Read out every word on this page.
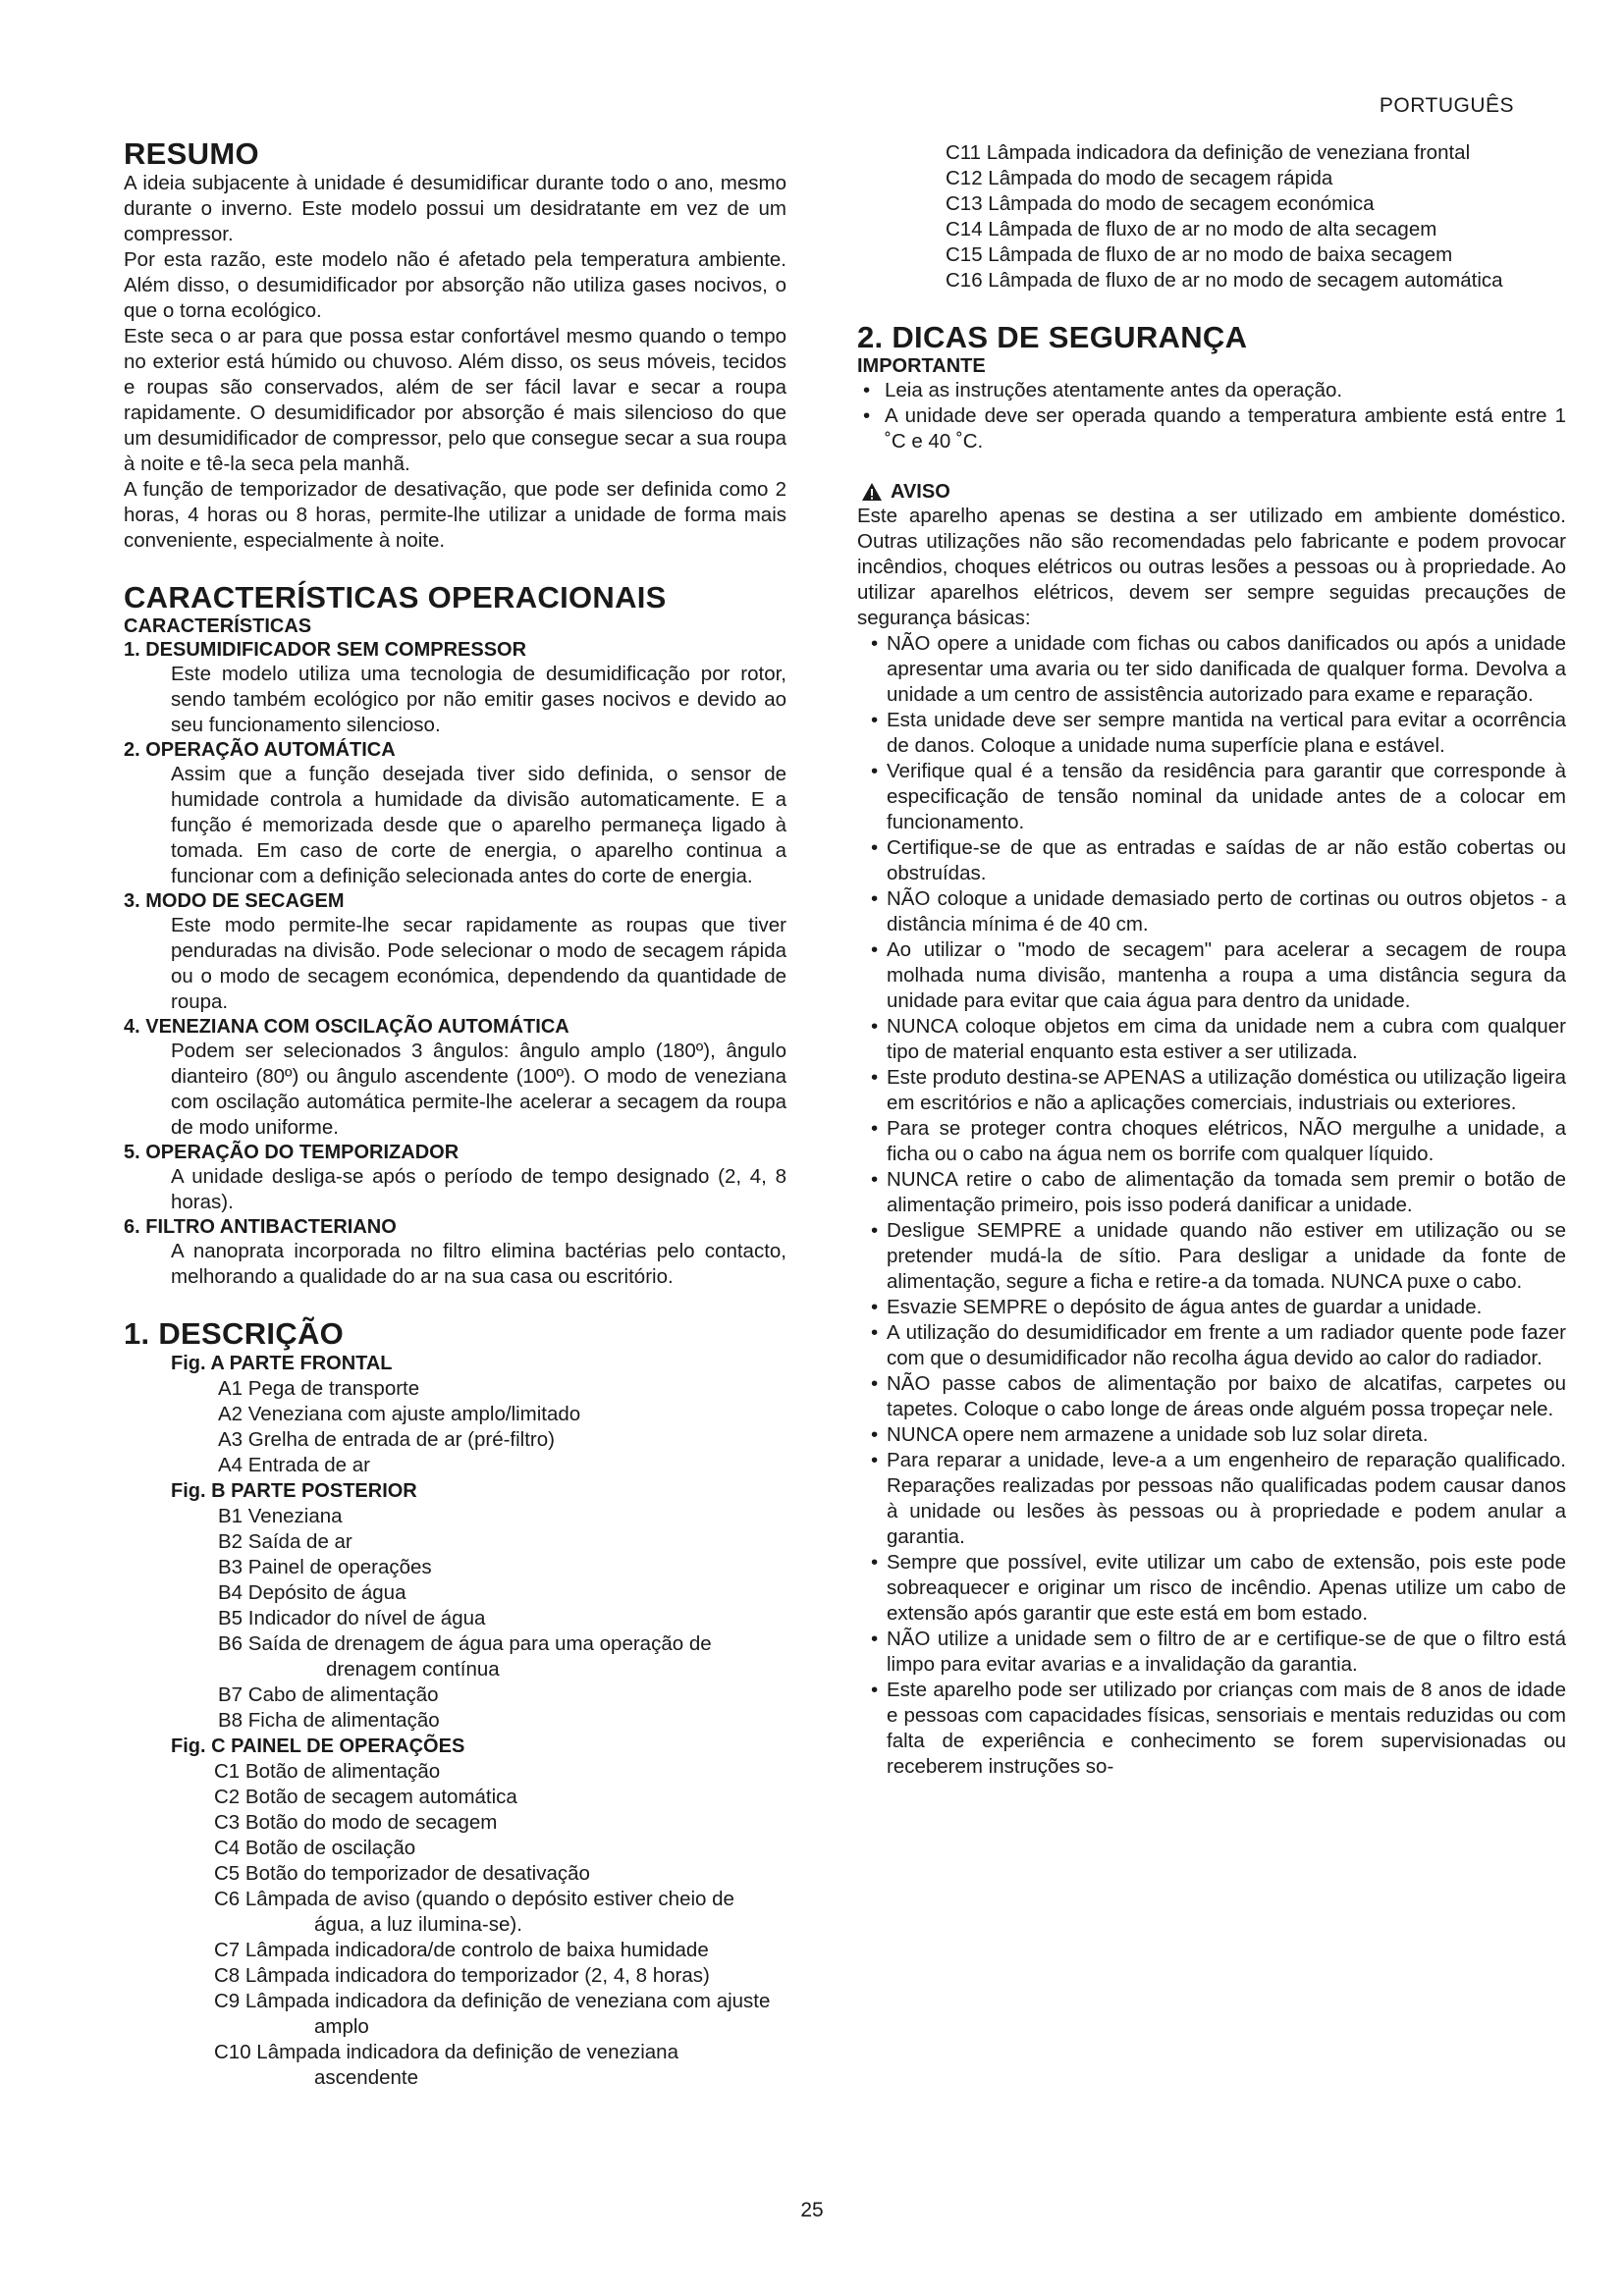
PORTUGUÊS
RESUMO

A ideia subjacente à unidade é desumidificar durante todo o ano, mesmo durante o inverno. Este modelo possui um desidratante em vez de um compressor.

Por esta razão, este modelo não é afetado pela temperatura ambiente. Além disso, o desumidificador por absorção não utiliza gases nocivos, o que o torna ecológico.

Este seca o ar para que possa estar confortável mesmo quando o tempo no exterior está húmido ou chuvoso. Além disso, os seus móveis, tecidos e roupas são conservados, além de ser fácil lavar e secar a roupa rapidamente. O desumidificador por absorção é mais silencioso do que um desumidificador de compressor, pelo que consegue secar a sua roupa à noite e tê-la seca pela manhã.

A função de temporizador de desativação, que pode ser definida como 2 horas, 4 horas ou 8 horas, permite-lhe utilizar a unidade de forma mais conveniente, especialmente à noite.

CARACTERÍSTICAS OPERACIONAIS
CARACTERÍSTICAS
1. DESUMIDIFICADOR SEM COMPRESSOR

Este modelo utiliza uma tecnologia de desumidificação por rotor, sendo também ecológico por não emitir gases nocivos e devido ao seu funcionamento silencioso.

2. OPERAÇÃO AUTOMÁTICA

Assim que a função desejada tiver sido definida, o sensor de humidade controla a humidade da divisão automaticamente. E a função é memorizada desde que o aparelho permaneça ligado à tomada. Em caso de corte de energia, o aparelho continua a funcionar com a definição selecionada antes do corte de energia.

3. MODO DE SECAGEM

Este modo permite-lhe secar rapidamente as roupas que tiver penduradas na divisão. Pode selecionar o modo de secagem rápida ou o modo de secagem económica, dependendo da quantidade de roupa.

4. VENEZIANA COM OSCILAÇÃO AUTOMÁTICA

Podem ser selecionados 3 ângulos: ângulo amplo (180º), ângulo dianteiro (80º) ou ângulo ascendente (100º). O modo de veneziana com oscilação automática permite-lhe acelerar a secagem da roupa de modo uniforme.

5. OPERAÇÃO DO TEMPORIZADOR

A unidade desliga-se após o período de tempo designado (2, 4, 8 horas).

6. FILTRO ANTIBACTERIANO

A nanoprata incorporada no filtro elimina bactérias pelo contacto, melhorando a qualidade do ar na sua casa ou escritório.

1. DESCRIÇÃO
Fig. A PARTE FRONTAL
A1 Pega de transporte
A2 Veneziana com ajuste amplo/limitado
A3 Grelha de entrada de ar (pré-filtro)
A4 Entrada de ar
Fig. B PARTE POSTERIOR
B1 Veneziana
B2 Saída de ar
B3 Painel de operações
B4 Depósito de água
B5 Indicador do nível de água
B6 Saída de drenagem de água para uma operação de drenagem contínua
B7 Cabo de alimentação
B8 Ficha de alimentação
Fig. C PAINEL DE OPERAÇÕES
C1 Botão de alimentação
C2 Botão de secagem automática
C3 Botão do modo de secagem
C4 Botão de oscilação
C5 Botão do temporizador de desativação
C6 Lâmpada de aviso (quando o depósito estiver cheio de água, a luz ilumina-se).
C7 Lâmpada indicadora/de controlo de baixa humidade
C8 Lâmpada indicadora do temporizador (2, 4, 8 horas)
C9 Lâmpada indicadora da definição de veneziana com ajuste amplo
C10 Lâmpada indicadora da definição de veneziana ascendente
C11 Lâmpada indicadora da definição de veneziana frontal
C12 Lâmpada do modo de secagem rápida
C13 Lâmpada do modo de secagem económica
C14 Lâmpada de fluxo de ar no modo de alta secagem
C15 Lâmpada de fluxo de ar no modo de baixa secagem
C16 Lâmpada de fluxo de ar no modo de secagem automática
2. DICAS DE SEGURANÇA
IMPORTANTE
• Leia as instruções atentamente antes da operação.
• A unidade deve ser operada quando a temperatura ambiente está entre 1 ˚C e 40 ˚C.
AVISO

Este aparelho apenas se destina a ser utilizado em ambiente doméstico. Outras utilizações não são recomendadas pelo fabricante e podem provocar incêndios, choques elétricos ou outras lesões a pessoas ou à propriedade. Ao utilizar aparelhos elétricos, devem ser sempre seguidas precauções de segurança básicas:

• NÃO opere a unidade com fichas ou cabos danificados ou após a unidade apresentar uma avaria ou ter sido danificada de qualquer forma. Devolva a unidade a um centro de assistência autorizado para exame e reparação.
• Esta unidade deve ser sempre mantida na vertical para evitar a ocorrência de danos. Coloque a unidade numa superfície plana e estável.
• Verifique qual é a tensão da residência para garantir que corresponde à especificação de tensão nominal da unidade antes de a colocar em funcionamento.
• Certifique-se de que as entradas e saídas de ar não estão cobertas ou obstruídas.
• NÃO coloque a unidade demasiado perto de cortinas ou outros objetos - a distância mínima é de 40 cm.
• Ao utilizar o "modo de secagem" para acelerar a secagem de roupa molhada numa divisão, mantenha a roupa a uma distância segura da unidade para evitar que caia água para dentro da unidade.
• NUNCA coloque objetos em cima da unidade nem a cubra com qualquer tipo de material enquanto esta estiver a ser utilizada.
• Este produto destina-se APENAS a utilização doméstica ou utilização ligeira em escritórios e não a aplicações comerciais, industriais ou exteriores.
• Para se proteger contra choques elétricos, NÃO mergulhe a unidade, a ficha ou o cabo na água nem os borrife com qualquer líquido.
• NUNCA retire o cabo de alimentação da tomada sem premir o botão de alimentação primeiro, pois isso poderá danificar a unidade.
• Desligue SEMPRE a unidade quando não estiver em utilização ou se pretender mudá-la de sítio. Para desligar a unidade da fonte de alimentação, segure a ficha e retire-a da tomada. NUNCA puxe o cabo.
• Esvazie SEMPRE o depósito de água antes de guardar a unidade.
• A utilização do desumidificador em frente a um radiador quente pode fazer com que o desumidificador não recolha água devido ao calor do radiador.
• NÃO passe cabos de alimentação por baixo de alcatifas, carpetes ou tapetes. Coloque o cabo longe de áreas onde alguém possa tropeçar nele.
• NUNCA opere nem armazene a unidade sob luz solar direta.
• Para reparar a unidade, leve-a a um engenheiro de reparação qualificado. Reparações realizadas por pessoas não qualificadas podem causar danos à unidade ou lesões às pessoas ou à propriedade e podem anular a garantia.
• Sempre que possível, evite utilizar um cabo de extensão, pois este pode sobreaquecer e originar um risco de incêndio. Apenas utilize um cabo de extensão após garantir que este está em bom estado.
• NÃO utilize a unidade sem o filtro de ar e certifique-se de que o filtro está limpo para evitar avarias e a invalidação da garantia.
• Este aparelho pode ser utilizado por crianças com mais de 8 anos de idade e pessoas com capacidades físicas, sensoriais e mentais reduzidas ou com falta de experiência e conhecimento se forem supervisionadas ou receberem instruções so-
25
